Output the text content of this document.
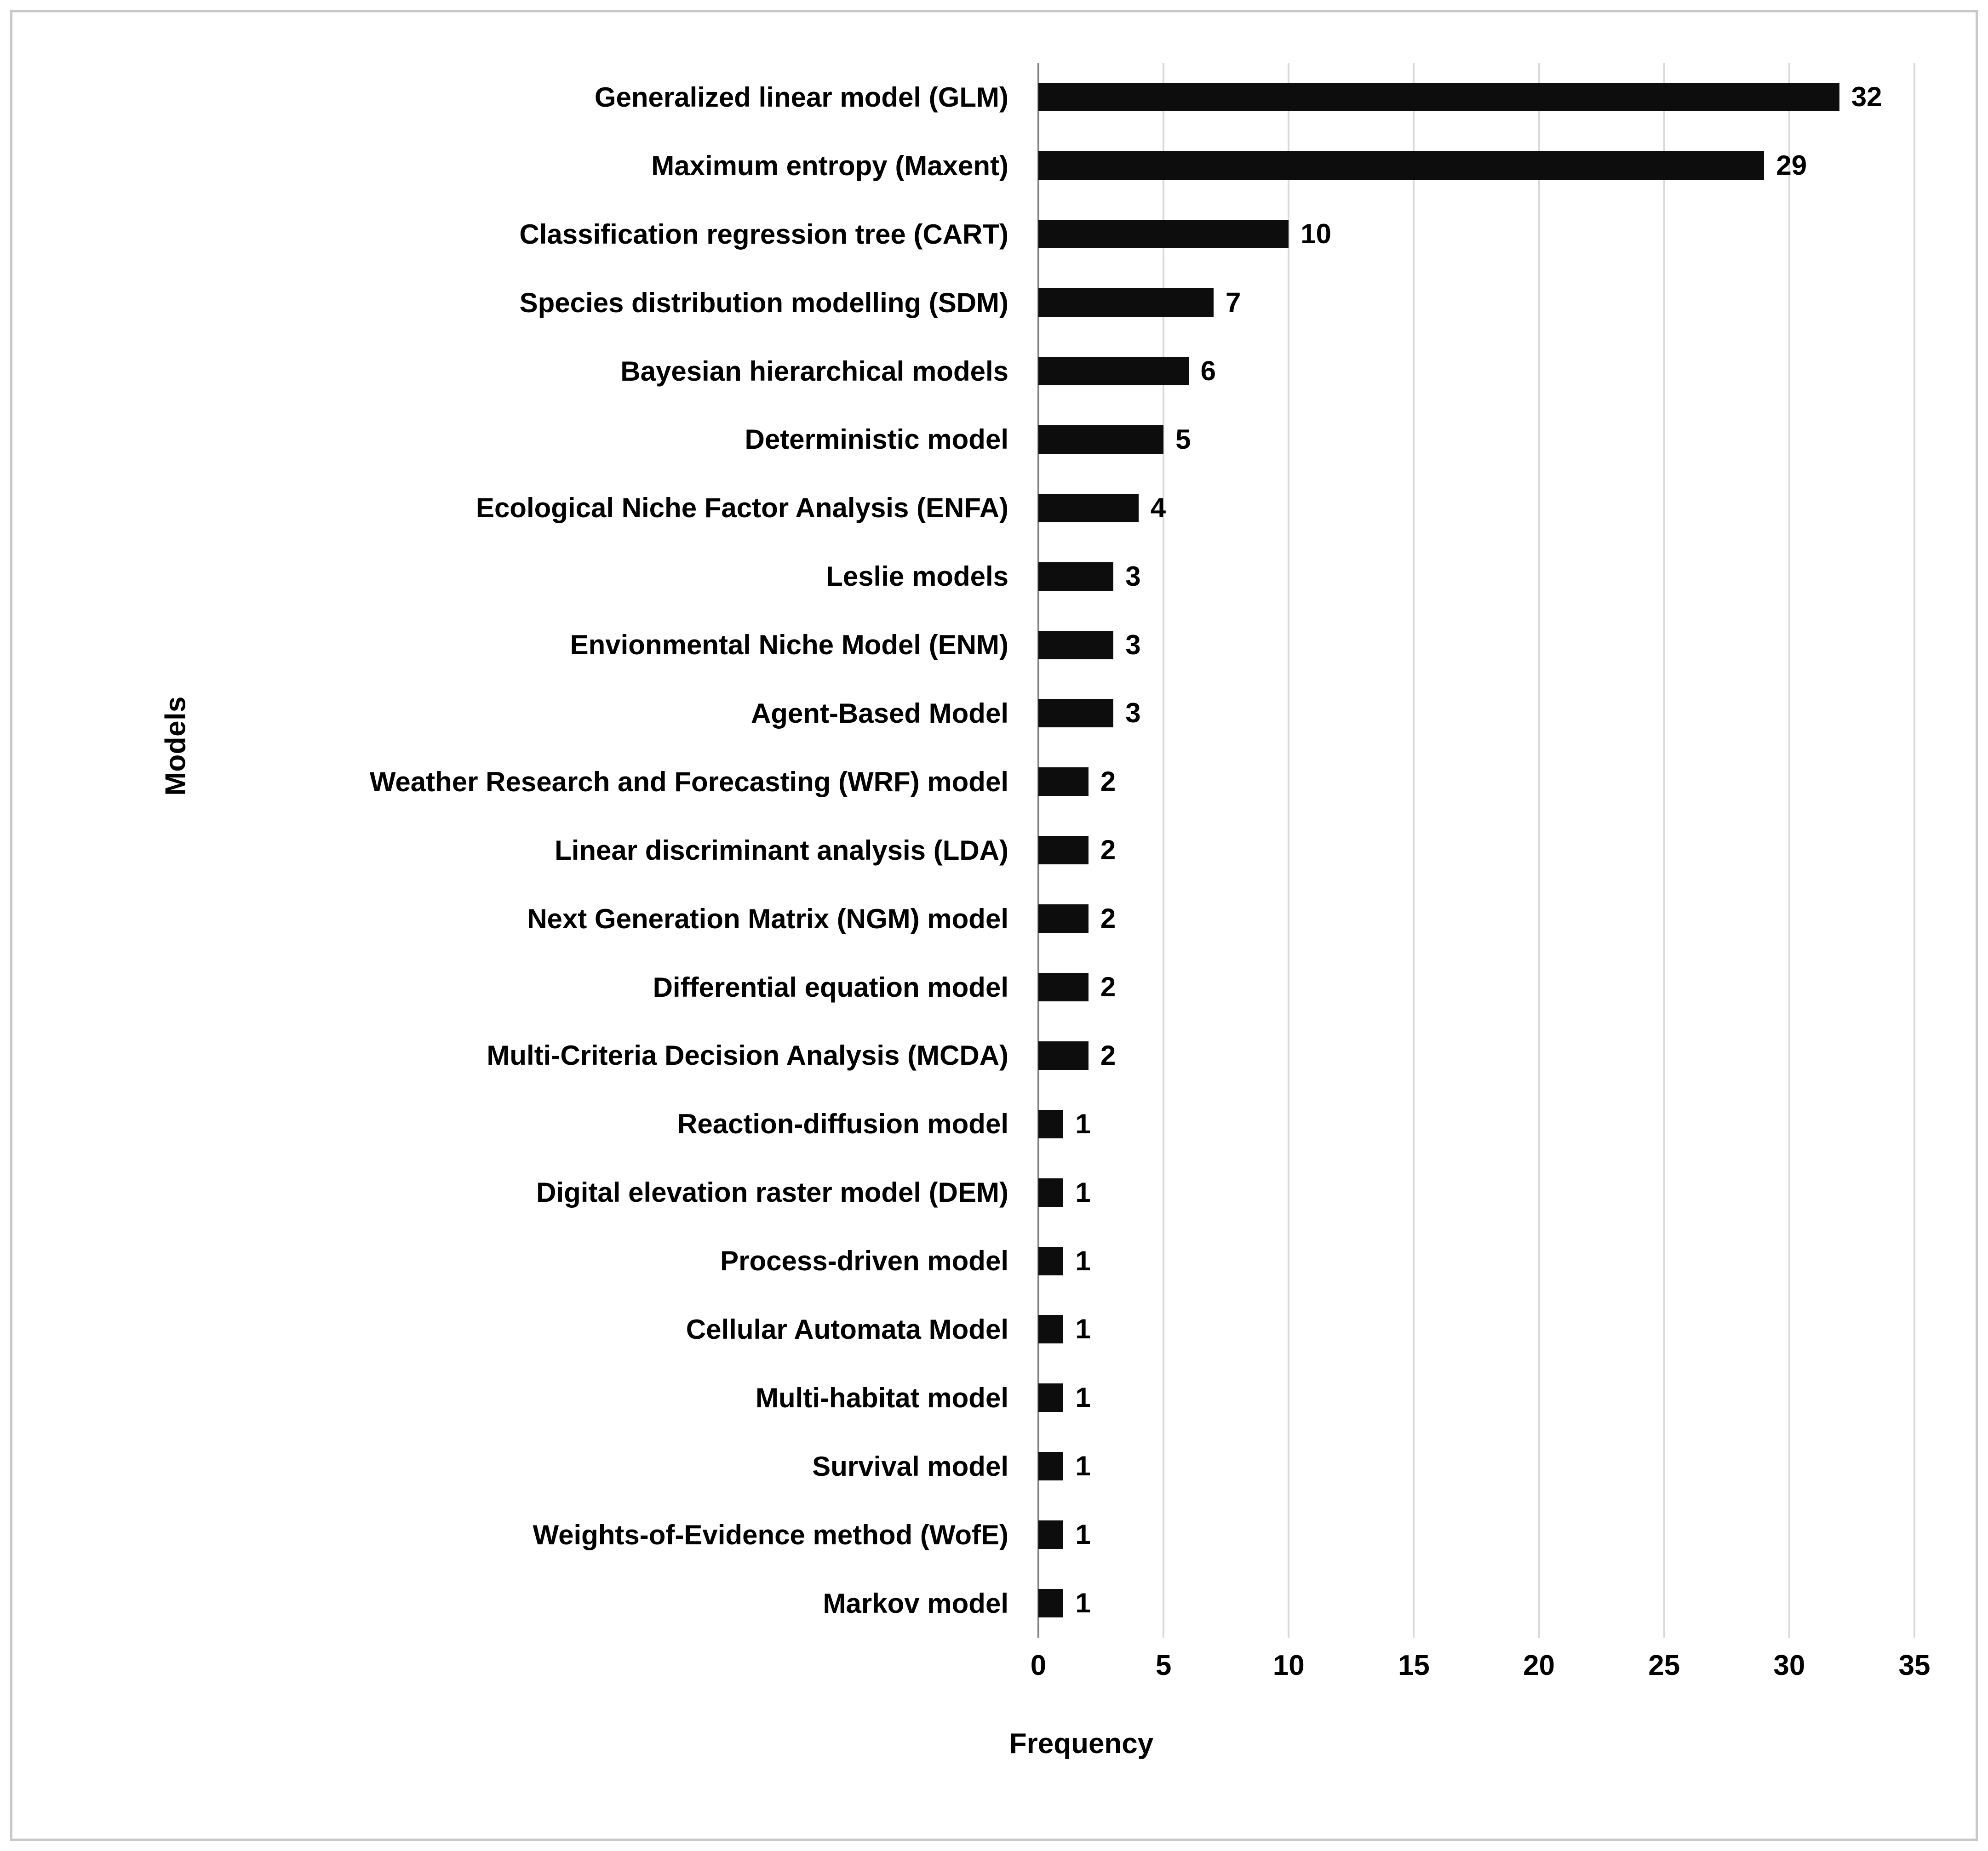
Models
Generalized linear model (GLM)
Maximum entropy (Maxent)
Classification regression tree (CART)
Species distribution modelling (SDM)
Bayesian hierarchical models
Deterministic model
Ecological Niche Factor Analysis (ENFA)
Leslie models
Envionmental Niche Model (ENM)
Agent-Based Model
Weather Research and Forecasting (WRF) model
Linear discriminant analysis (LDA)
Next Generation Matrix (NGM) model
Differential equation model
Multi-Criteria Decision Analysis (MCDA)
Reaction-diffusion model
Digital elevation raster model (DEM)
Process-driven model
Cellular Automata Model
Multi-habitat model
Survival model
Weights-of-Evidence method (WofE)
Markov model
32
29
10
7
6
5
4
3
3
3
2
2
2
2
2
1
1
1
1
1
1
1
1
0	5	10	15	20	25	30	35
Frequency
